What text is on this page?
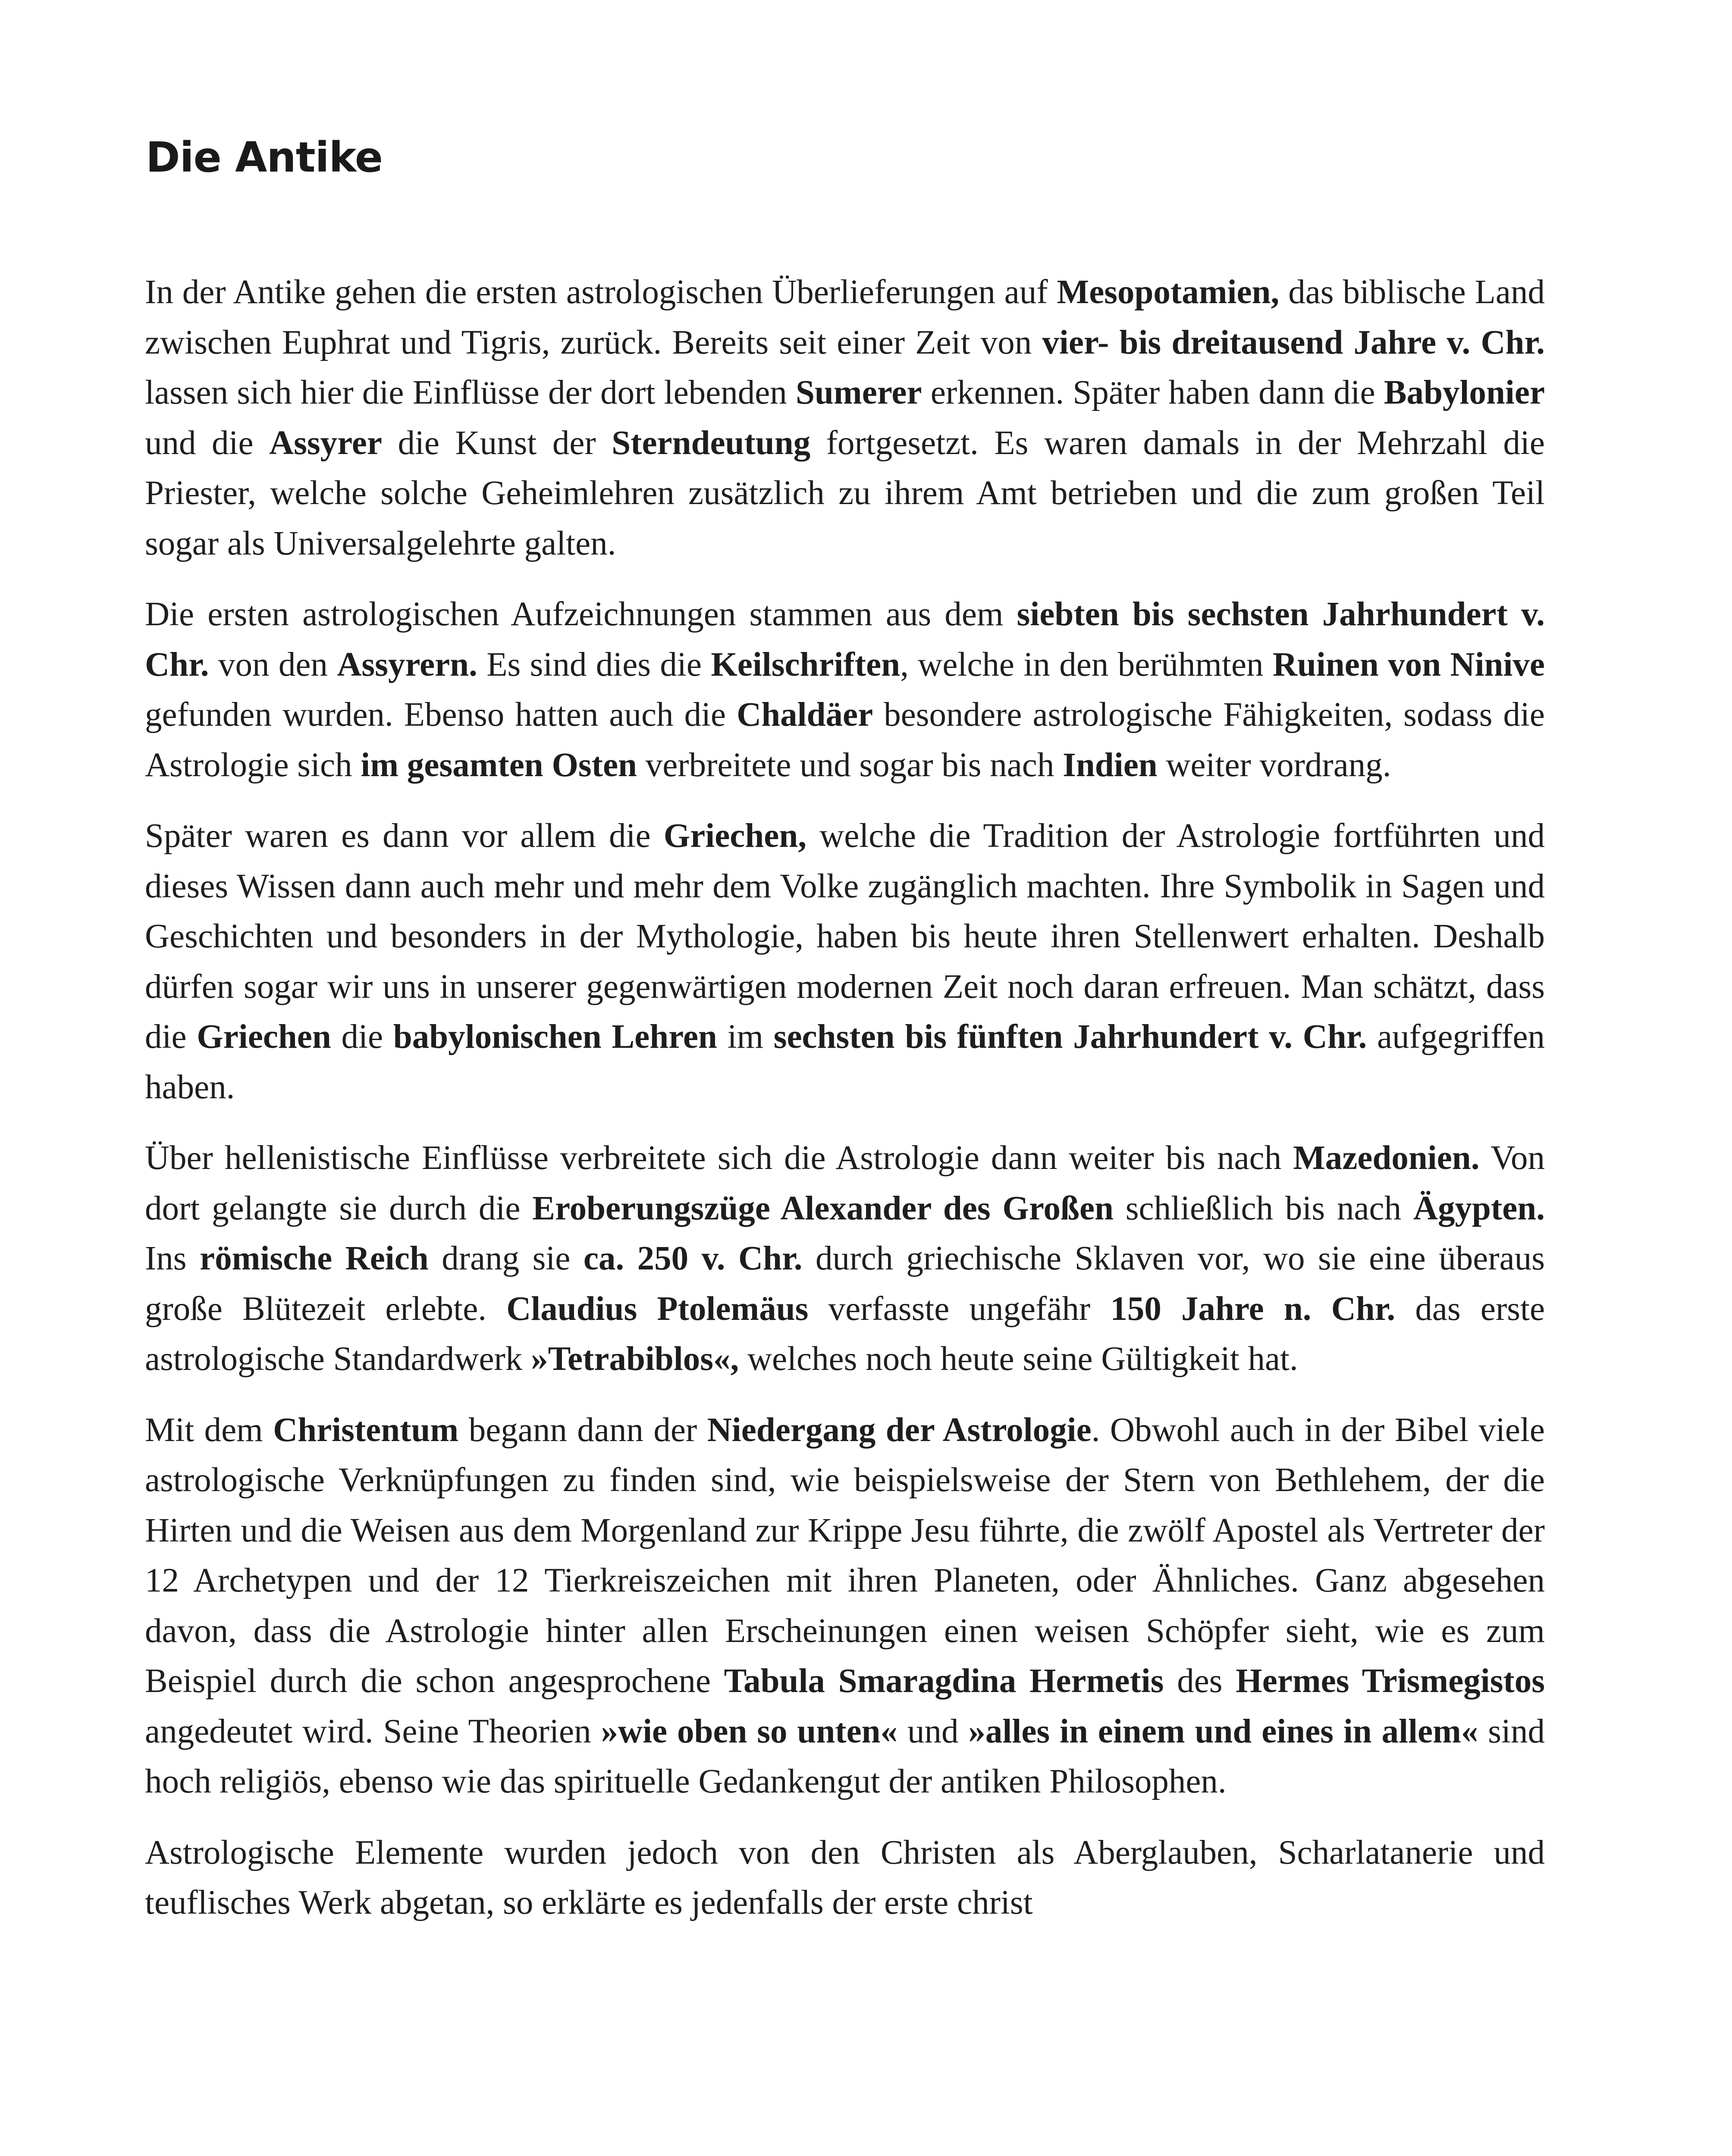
Die Antike

In der Antike gehen die ersten astrologischen Überlieferungen auf Mesopotamien, das biblische Land zwischen Euphrat und Tigris, zurück. Bereits seit einer Zeit von vier- bis dreitausend Jahre v. Chr. lassen sich hier die Einflüsse der dort lebenden Sumerer erkennen. Später haben dann die Babylonier und die Assyrer die Kunst der Sterndeutung fortgesetzt. Es waren damals in der Mehrzahl die Priester, welche solche Geheimlehren zusätzlich zu ihrem Amt betrieben und die zum großen Teil sogar als Universalgelehrte galten.

Die ersten astrologischen Aufzeichnungen stammen aus dem siebten bis sechsten Jahrhundert v. Chr. von den Assyrern. Es sind dies die Keilschriften, welche in den berühmten Ruinen von Ninive gefunden wurden. Ebenso hatten auch die Chaldäer besondere astrologische Fähigkeiten, sodass die Astrologie sich im gesamten Osten verbreitete und sogar bis nach Indien weiter vordrang.

Später waren es dann vor allem die Griechen, welche die Tradition der Astrologie fortführten und dieses Wissen dann auch mehr und mehr dem Volke zugänglich machten. Ihre Symbolik in Sagen und Geschichten und besonders in der Mythologie, haben bis heute ihren Stellenwert erhalten. Deshalb dürfen sogar wir uns in unserer gegenwärtigen modernen Zeit noch daran erfreuen. Man schätzt, dass die Griechen die babylonischen Lehren im sechsten bis fünften Jahrhundert v. Chr. aufgegriffen haben.

Über hellenistische Einflüsse verbreitete sich die Astrologie dann weiter bis nach Mazedonien. Von dort gelangte sie durch die Eroberungszüge Alexander des Großen schließlich bis nach Ägypten. Ins römische Reich drang sie ca. 250 v. Chr. durch griechische Sklaven vor, wo sie eine überaus große Blütezeit erlebte. Claudius Ptolemäus verfasste ungefähr 150 Jahre n. Chr. das erste astrologische Standardwerk »Tetrabiblos«, welches noch heute seine Gültigkeit hat.

Mit dem Christentum begann dann der Niedergang der Astrologie. Obwohl auch in der Bibel viele astrologische Verknüpfungen zu finden sind, wie beispielsweise der Stern von Bethlehem, der die Hirten und die Weisen aus dem Morgenland zur Krippe Jesu führte, die zwölf Apostel als Vertreter der 12 Archetypen und der 12 Tierkreiszeichen mit ihren Planeten, oder Ähnliches. Ganz abgesehen davon, dass die Astrologie hinter allen Erscheinungen einen weisen Schöpfer sieht, wie es zum Beispiel durch die schon angesprochene Tabula Smaragdina Hermetis des Hermes Trismegistos angedeutet wird. Seine Theorien »wie oben so unten« und »alles in einem und eines in allem« sind hoch religiös, ebenso wie das spirituelle Gedankengut der antiken Philosophen.

Astrologische Elemente wurden jedoch von den Christen als Aberglauben, Scharlatanerie und teuflisches Werk abgetan, so erklärte es jedenfalls der erste christ
